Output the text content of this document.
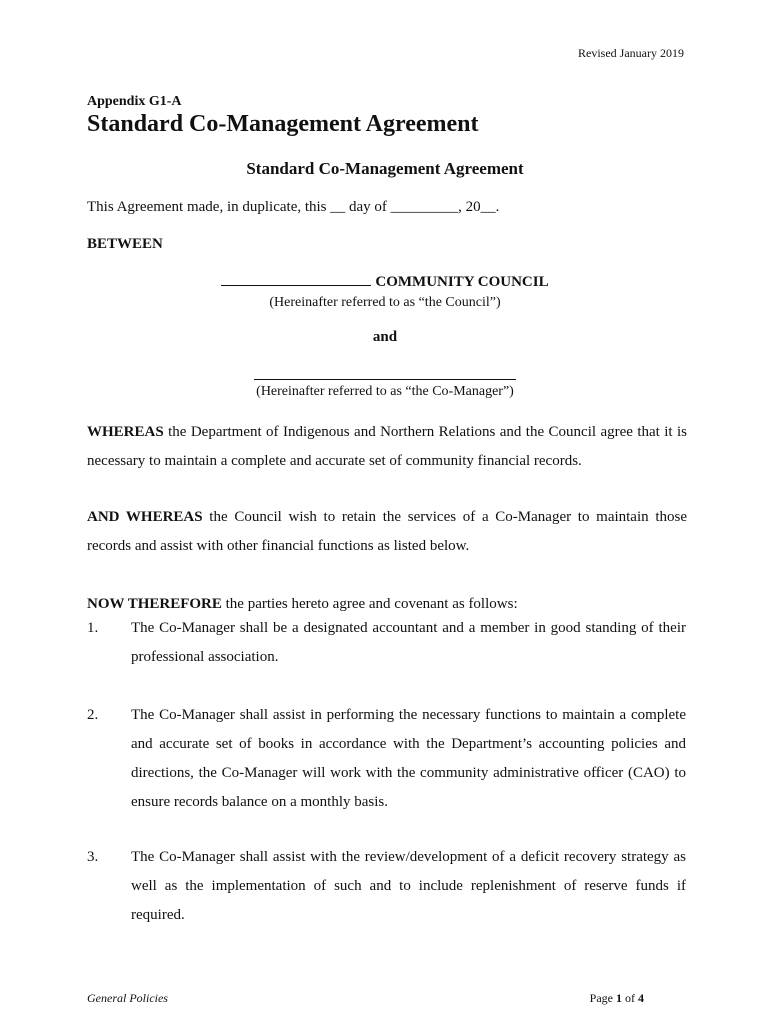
Revised January 2019
Appendix G1-A
Standard Co-Management Agreement
Standard Co-Management Agreement
This Agreement made, in duplicate, this __ day of _________, 20__.
BETWEEN
COMMUNITY COUNCIL
(Hereinafter referred to as “the Council”)
and
(Hereinafter referred to as “the Co-Manager”)
WHEREAS the Department of Indigenous and Northern Relations and the Council agree that it is necessary to maintain a complete and accurate set of community financial records.
AND WHEREAS the Council wish to retain the services of a Co-Manager to maintain those records and assist with other financial functions as listed below.
NOW THEREFORE the parties hereto agree and covenant as follows:
1. The Co-Manager shall be a designated accountant and a member in good standing of their professional association.
2. The Co-Manager shall assist in performing the necessary functions to maintain a complete and accurate set of books in accordance with the Department’s accounting policies and directions, the Co-Manager will work with the community administrative officer (CAO) to ensure records balance on a monthly basis.
3. The Co-Manager shall assist with the review/development of a deficit recovery strategy as well as the implementation of such and to include replenishment of reserve funds if required.
General Policies	Page 1 of 4
